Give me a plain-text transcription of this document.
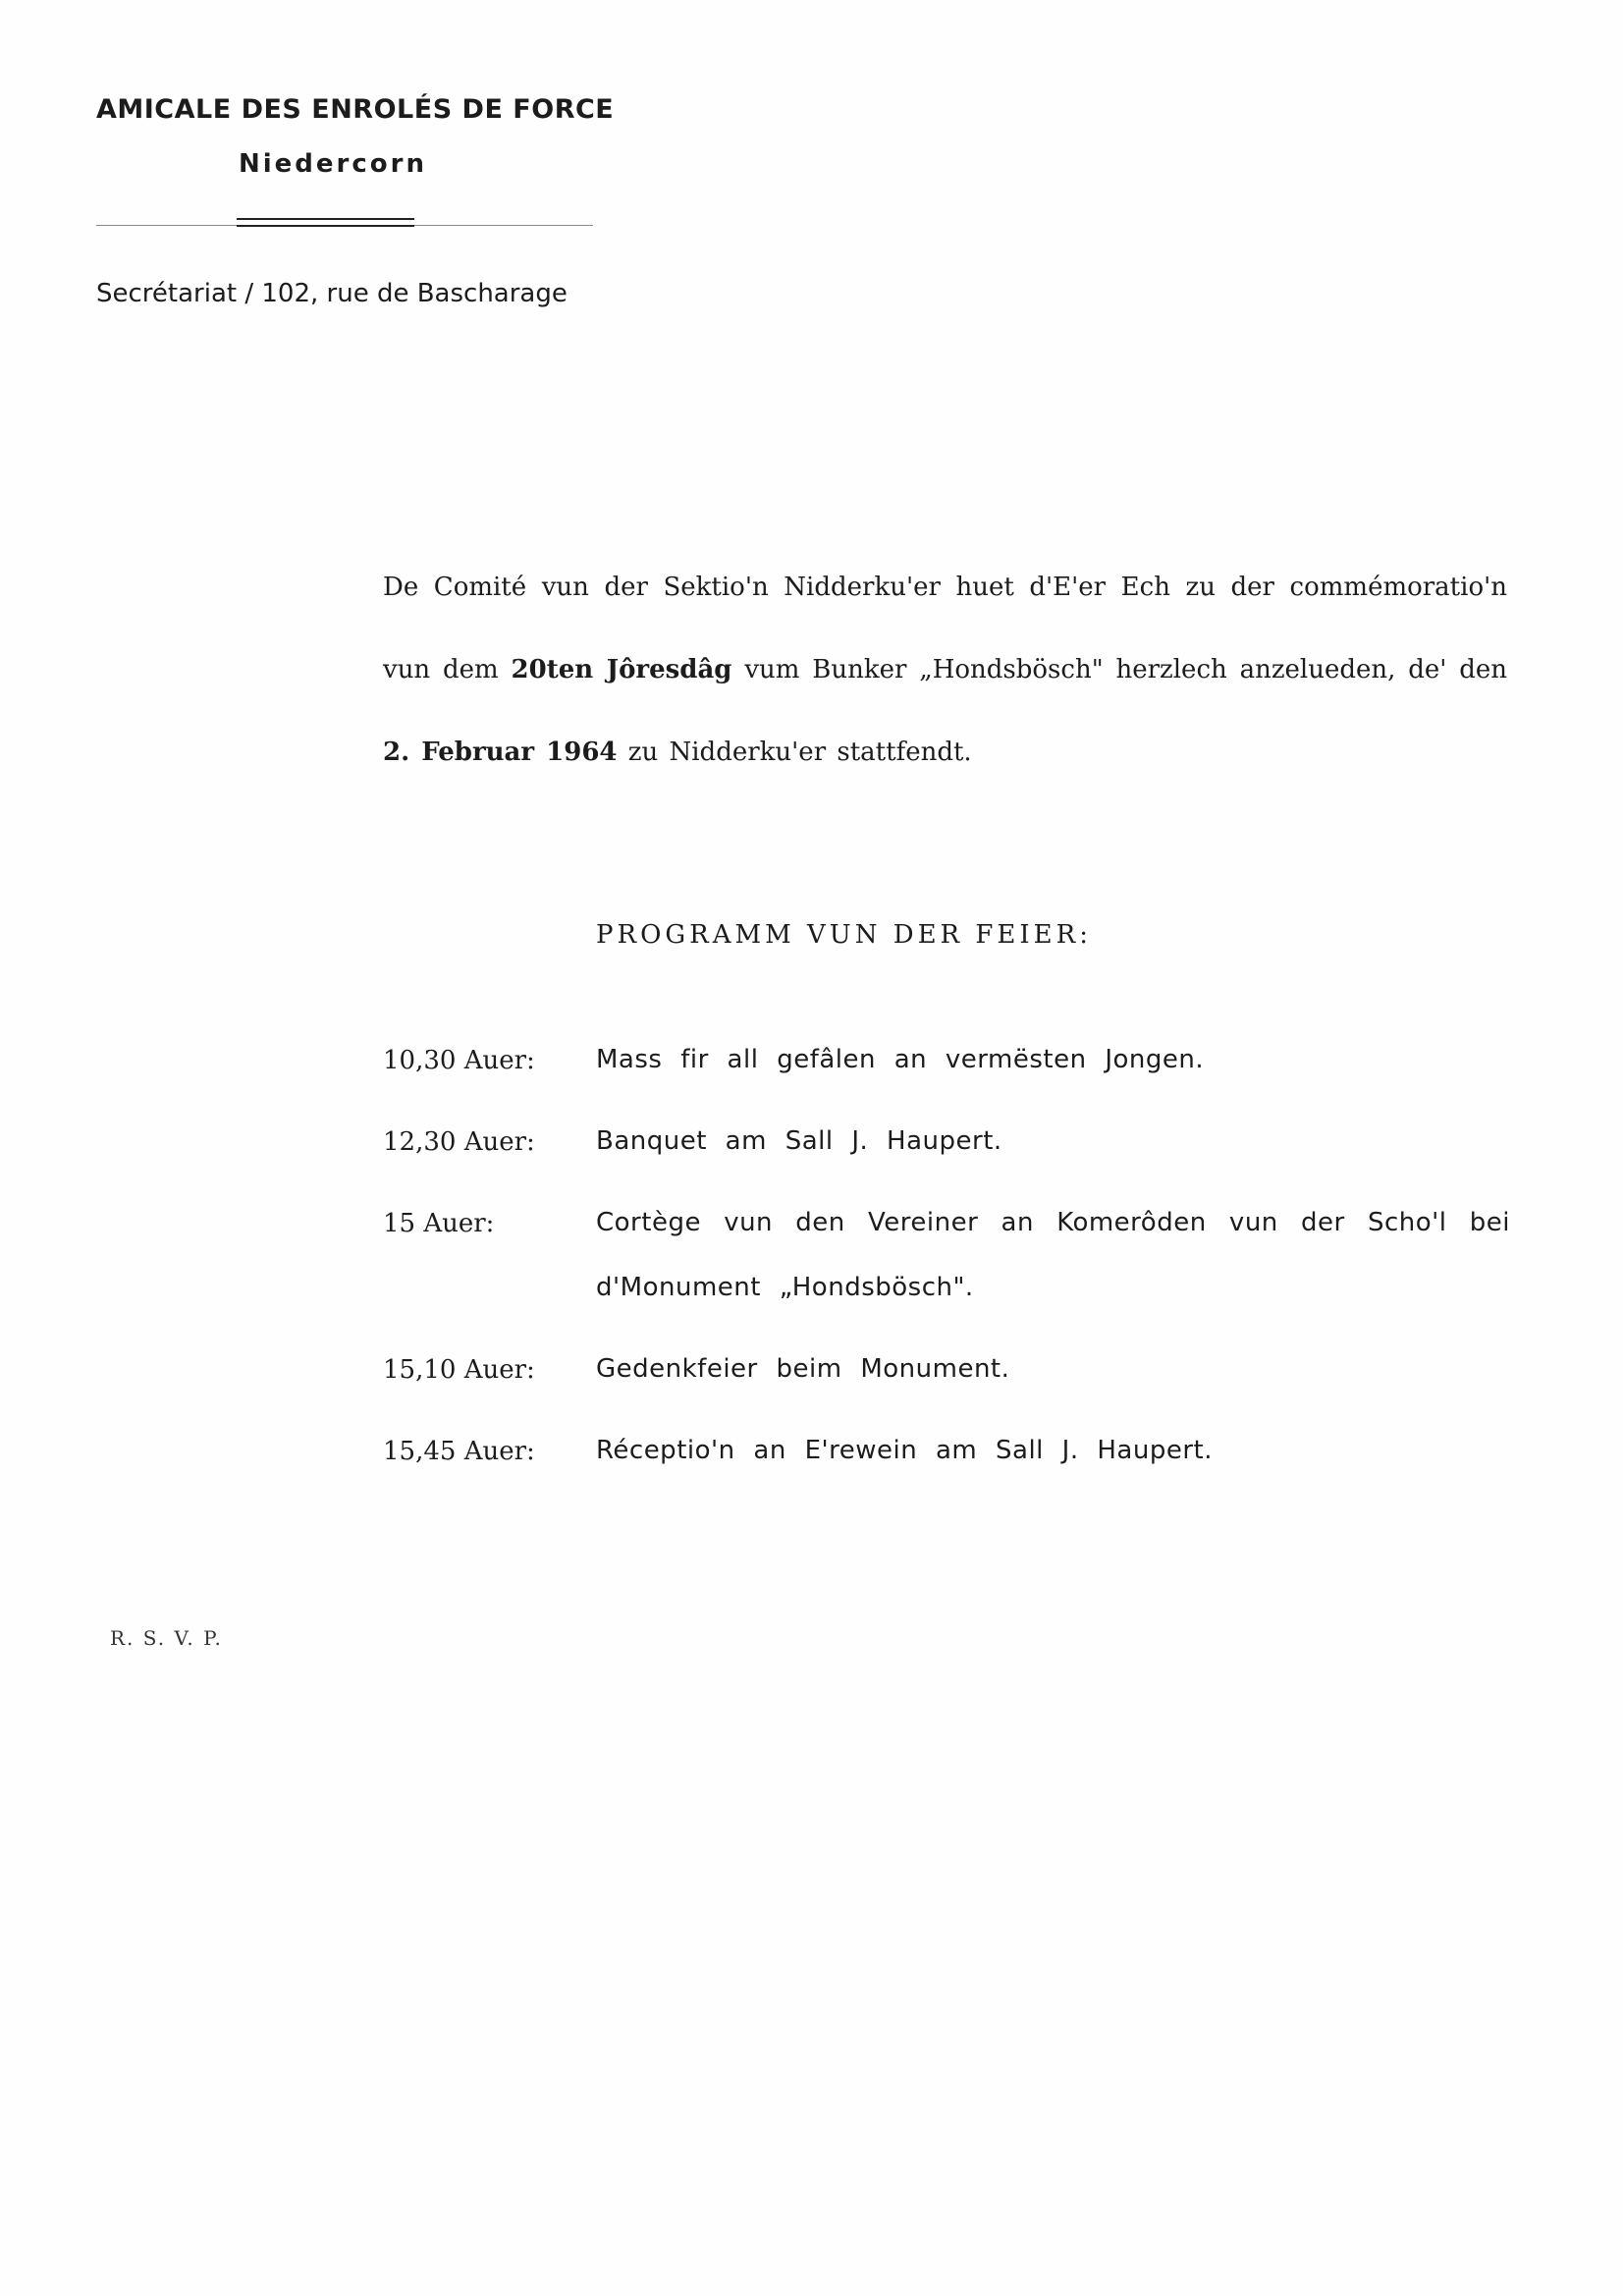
AMICALE DES ENROLÉS DE FORCE
Niedercorn
Secrétariat / 102, rue de Bascharage
De Comité vun der Sektio'n Nidderku'er huet d'E'er Ech zu der commémoratio'n vun dem 20ten Jôresdâg vum Bunker „Hondsbösch" herzlech anzelueden, de' den 2. Februar 1964 zu Nidderku'er stattfendt.
PROGRAMM VUN DER FEIER:
10,30 Auer:	Mass fir all gefâlen an vermësten Jongen.
12,30 Auer:	Banquet am Sall J. Haupert.
15 Auer:	Cortège vun den Vereiner an Komerôden vun der Scho'l bei d'Monument „Hondsbösch".
15,10 Auer:	Gedenkfeier beim Monument.
15,45 Auer:	Réceptio'n an E'rewein am Sall J. Haupert.
R. S. V. P.
